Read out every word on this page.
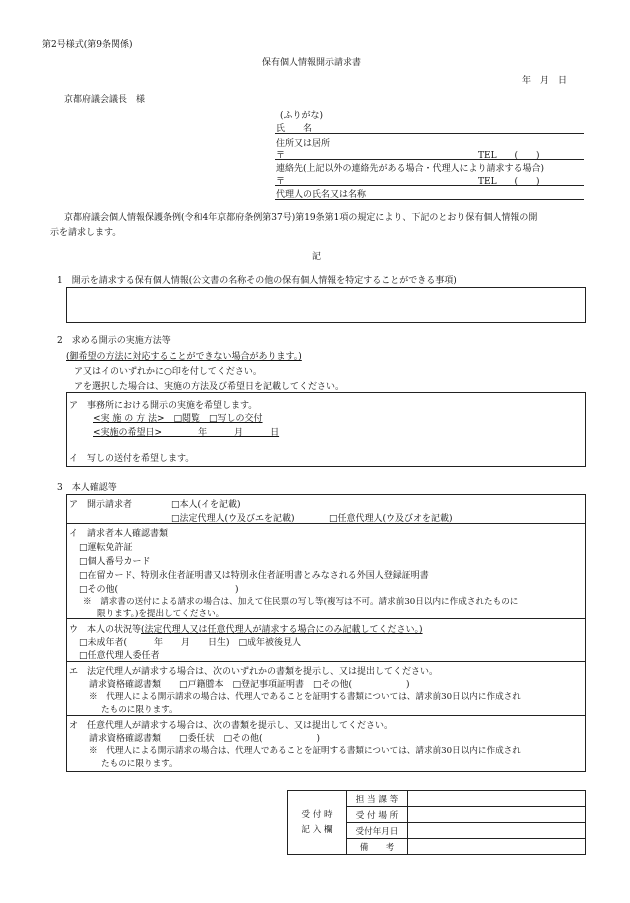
第2号様式(第9条関係)
保有個人情報開示請求書
年　月　日
京都府議会議長　様
(ふりがな)
氏　　名
住所又は居所
〒	TEL　　(　　)
連絡先(上記以外の連絡先がある場合・代理人により請求する場合)
〒	TEL　　(　　)
代理人の氏名又は名称
京都府議会個人情報保護条例(令和4年京都府条例第37号)第19条第1項の規定により、下記のとおり保有個人情報の開
示を請求します。
記
1　開示を請求する保有個人情報(公文書の名称その他の保有個人情報を特定することができる事項)
2　求める開示の実施方法等
(御希望の方法に対応することができない場合があります。)
ア又はイのいずれかに○印を付してください。
アを選択した場合は、実施の方法及び希望日を記載してください。
ア　事務所における開示の実施を希望します。
<実 施 の 方 法>　□閲覧　□写しの交付
<実施の希望日>　　　　年　　　月　　　日
イ　写しの送付を希望します。
3　本人確認等
ア　開示請求者	□本人(イを記載)
□法定代理人(ウ及びエを記載)	□任意代理人(ウ及びオを記載)
イ　請求者本人確認書類
□運転免許証
□個人番号カード
□在留カード、特別永住者証明書又は特別永住者証明書とみなされる外国人登録証明書
□その他(　　　　　　　　　　　　　)
※　請求書の送付による請求の場合は、加えて住民票の写し等(複写は不可。請求前30日以内に作成されたものに
限ります。)を提出してください。
ウ　本人の状況等(法定代理人又は任意代理人が請求する場合にのみ記載してください。)
□未成年者(　　　年　　月　　日生)　□成年被後見人
□任意代理人委任者
エ　法定代理人が請求する場合は、次のいずれかの書類を提示し、又は提出してください。
請求資格確認書類　　□戸籍謄本　□登記事項証明書　□その他(　　　　　　)
※　代理人による開示請求の場合は、代理人であることを証明する書類については、請求前30日以内に作成され
たものに限ります。
オ　任意代理人が請求する場合は、次の書類を提示し、又は提出してください。
請求資格確認書類　　□委任状　□その他(　　　　　　)
※　代理人による開示請求の場合は、代理人であることを証明する書類については、請求前30日以内に作成され
たものに限ります。
受 付 時
記 入 欄	担 当 課 等	
	受 付 場 所	
	受付年月日	
	備　　考	
